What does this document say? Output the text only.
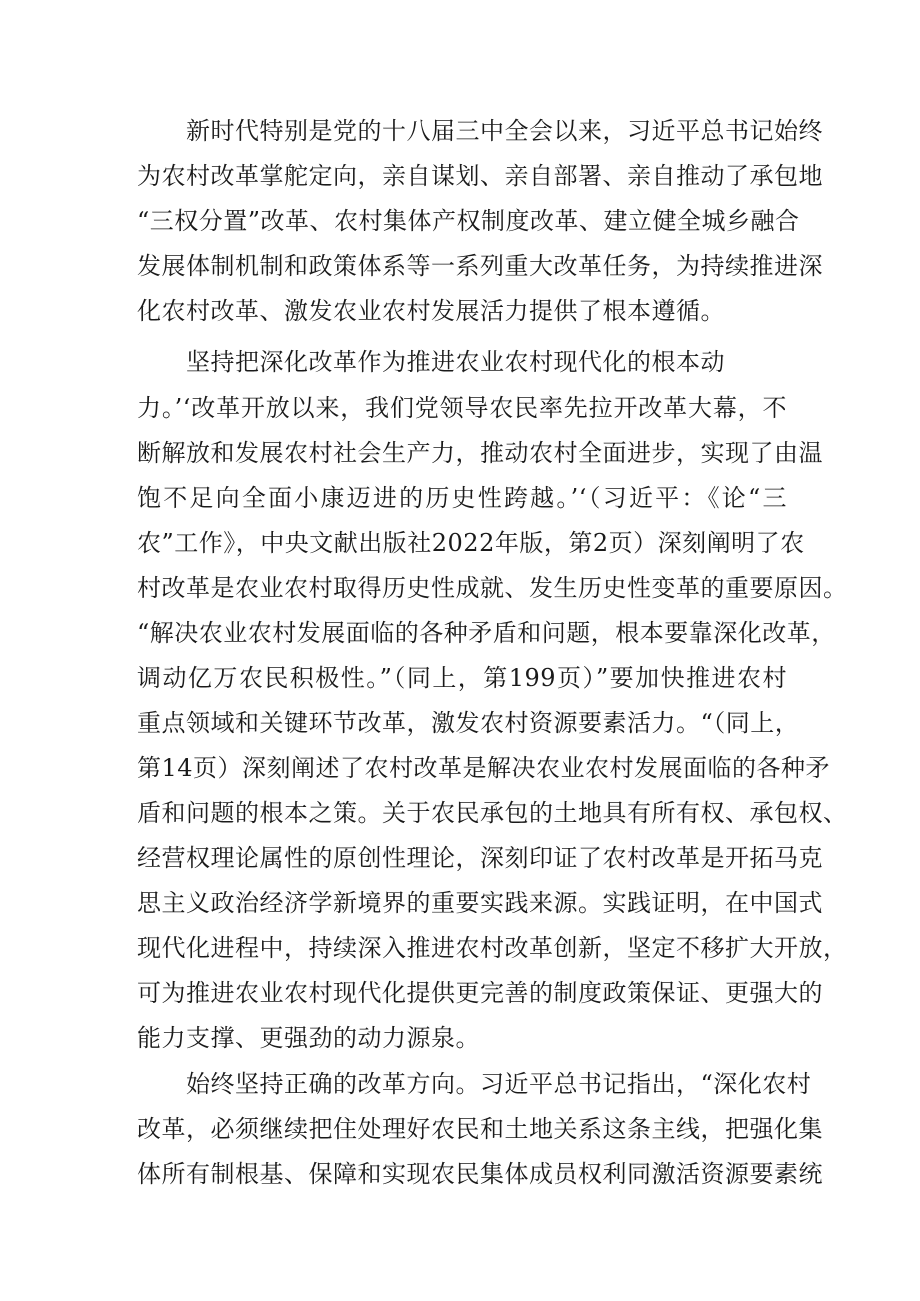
新时代特别是党的十八届三中全会以来，习近平总书记始终
为农村改革掌舵定向，亲自谋划、亲自部署、亲自推动了承包地
“三权分置”改革、农村集体产权制度改革、建立健全城乡融合
发展体制机制和政策体系等一系列重大改革任务，为持续推进深
化农村改革、激发农业农村发展活力提供了根本遵循。
坚持把深化改革作为推进农业农村现代化的根本动
力。’‘改革开放以来，我们党领导农民率先拉开改革大幕，不
断解放和发展农村社会生产力，推动农村全面进步，实现了由温
饱不足向全面小康迈进的历史性跨越。’‘（习近平：《论“三
农”工作》，中央文献出版社2022年版，第2页）深刻阐明了农
村改革是农业农村取得历史性成就、发生历史性变革的重要原因。
“解决农业农村发展面临的各种矛盾和问题，根本要靠深化改革，
调动亿万农民积极性。”（同上，第199页）”要加快推进农村
重点领域和关键环节改革，激发农村资源要素活力。“（同上，
第14页）深刻阐述了农村改革是解决农业农村发展面临的各种矛
盾和问题的根本之策。关于农民承包的土地具有所有权、承包权、
经营权理论属性的原创性理论，深刻印证了农村改革是开拓马克
思主义政治经济学新境界的重要实践来源。实践证明，在中国式
现代化进程中，持续深入推进农村改革创新，坚定不移扩大开放，
可为推进农业农村现代化提供更完善的制度政策保证、更强大的
能力支撑、更强劲的动力源泉。
始终坚持正确的改革方向。习近平总书记指出，“深化农村
改革，必须继续把住处理好农民和土地关系这条主线，把强化集
体所有制根基、保障和实现农民集体成员权利同激活资源要素统
